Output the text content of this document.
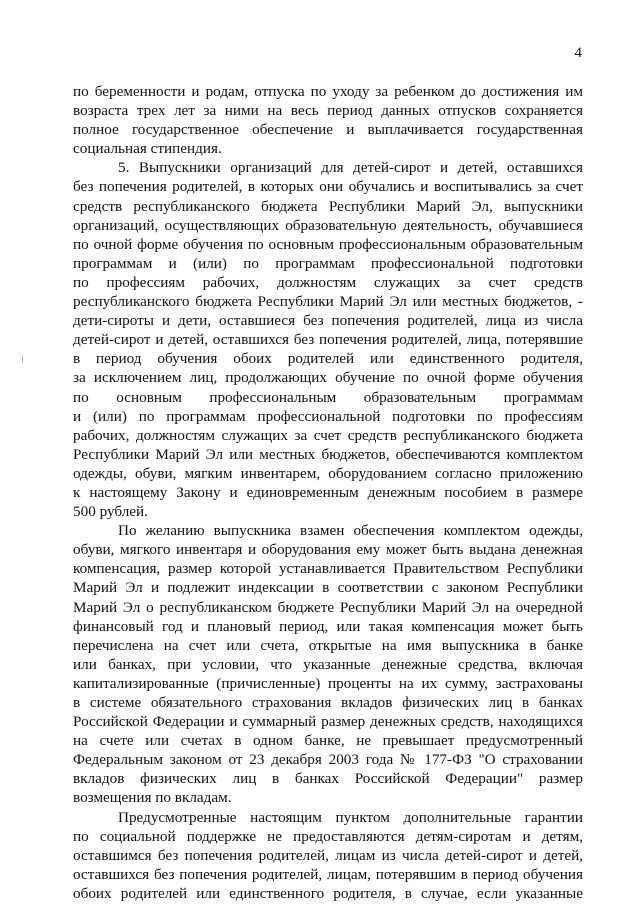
4

по беременности и родам, отпуска по уходу за ребенком до достижения им
возраста трех лет за ними на весь период данных отпусков сохраняется
полное государственное обеспечение и выплачивается государственная
социальная стипендия.

5. Выпускники организаций для детей-сирот и детей, оставшихся
без попечения родителей, в которых они обучались и воспитывались за счет
средств республиканского бюджета Республики Марий Эл, выпускники
организаций, осуществляющих образовательную деятельность, обучавшиеся
по очной форме обучения по основным профессиональным образовательным
программам и (или) по программам профессиональной подготовки
по профессиям рабочих, должностям служащих за счет средств
республиканского бюджета Республики Марий Эл или местных бюджетов, -
дети-сироты и дети, оставшиеся без попечения родителей, лица из числа
детей-сирот и детей, оставшихся без попечения родителей, лица, потерявшие
в период обучения обоих родителей или единственного родителя,
за исключением лиц, продолжающих обучение по очной форме обучения
по основным профессиональным образовательным программам
и (или) по программам профессиональной подготовки по профессиям
рабочих, должностям служащих за счет средств республиканского бюджета
Республики Марий Эл или местных бюджетов, обеспечиваются комплектом
одежды, обуви, мягким инвентарем, оборудованием согласно приложению
к настоящему Закону и единовременным денежным пособием в размере
500 рублей.

По желанию выпускника взамен обеспечения комплектом одежды,
обуви, мягкого инвентаря и оборудования ему может быть выдана денежная
компенсация, размер которой устанавливается Правительством Республики
Марий Эл и подлежит индексации в соответствии с законом Республики
Марий Эл о республиканском бюджете Республики Марий Эл на очередной
финансовый год и плановый период, или такая компенсация может быть
перечислена на счет или счета, открытые на имя выпускника в банке
или банках, при условии, что указанные денежные средства, включая
капитализированные (причисленные) проценты на их сумму, застрахованы
в системе обязательного страхования вкладов физических лиц в банках
Российской Федерации и суммарный размер денежных средств, находящихся
на счете или счетах в одном банке, не превышает предусмотренный
Федеральным законом от 23 декабря 2003 года № 177-ФЗ "О страховании
вкладов физических лиц в банках Российской Федерации" размер
возмещения по вкладам.

Предусмотренные настоящим пунктом дополнительные гарантии
по социальной поддержке не предоставляются детям-сиротам и детям,
оставшимся без попечения родителей, лицам из числа детей-сирот и детей,
оставшихся без попечения родителей, лицам, потерявшим в период обучения
обоих родителей или единственного родителя, в случае, если указанные
